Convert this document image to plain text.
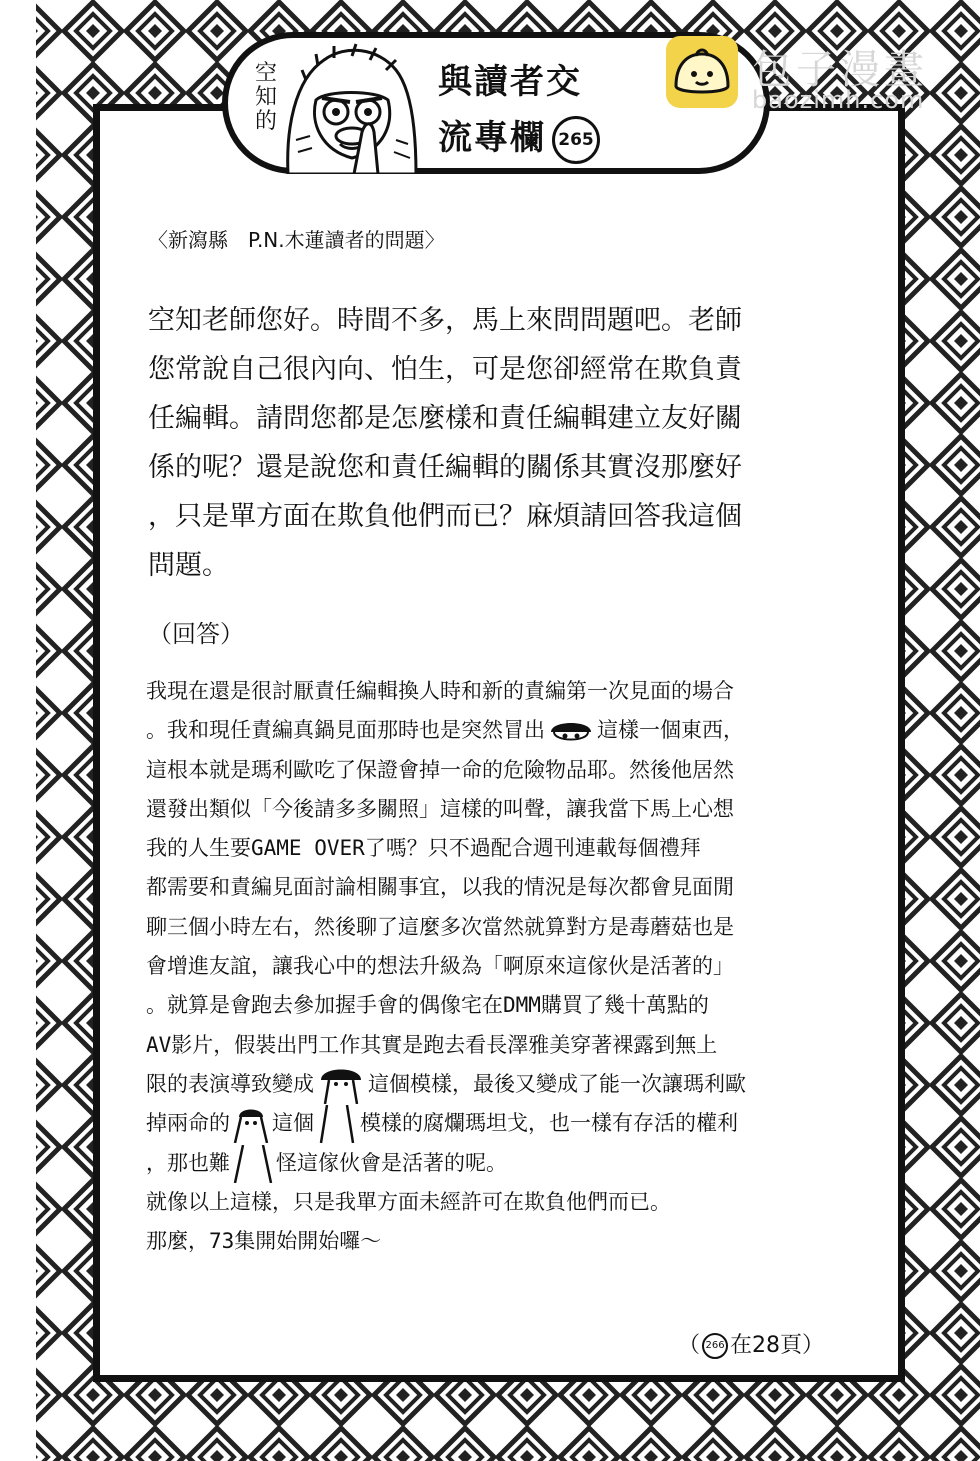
空
知
的
與讀者交
流專欄 265
包子漫畫
baozimh.com
〈新瀉縣　P.N.木蓮讀者的問題〉
空知老師您好。時間不多，馬上來問問題吧。老師
您常說自己很內向、怕生，可是您卻經常在欺負責
任編輯。請問您都是怎麼樣和責任編輯建立友好關
係的呢？還是說您和責任編輯的關係其實沒那麼好
，只是單方面在欺負他們而已？麻煩請回答我這個
問題。
（回答）
我現在還是很討厭責任編輯換人時和新的責編第一次見面的場合
。我和現任責編真鍋見面那時也是突然冒出 這樣一個東西，
這根本就是瑪利歐吃了保證會掉一命的危險物品耶。然後他居然
還發出類似「今後請多多關照」這樣的叫聲，讓我當下馬上心想
我的人生要GAME OVER了嗎？只不過配合週刊連載每個禮拜
都需要和責編見面討論相關事宜，以我的情況是每次都會見面閒
聊三個小時左右，然後聊了這麼多次當然就算對方是毒蘑菇也是
會增進友誼，讓我心中的想法升級為「啊原來這傢伙是活著的」
。就算是會跑去參加握手會的偶像宅在DMM購買了幾十萬點的
AV影片，假裝出門工作其實是跑去看長澤雅美穿著裸露到無上
限的表演導致變成	這個模樣，最後又變成了能一次讓瑪利歐
掉兩命的 這個 模樣的腐爛瑪坦戈，也一樣有存活的權利
，那也難 怪這傢伙會是活著的呢。
就像以上這樣，只是我單方面未經許可在欺負他們而已。
那麼，73集開始開始囉～
（ 266 在28頁）
